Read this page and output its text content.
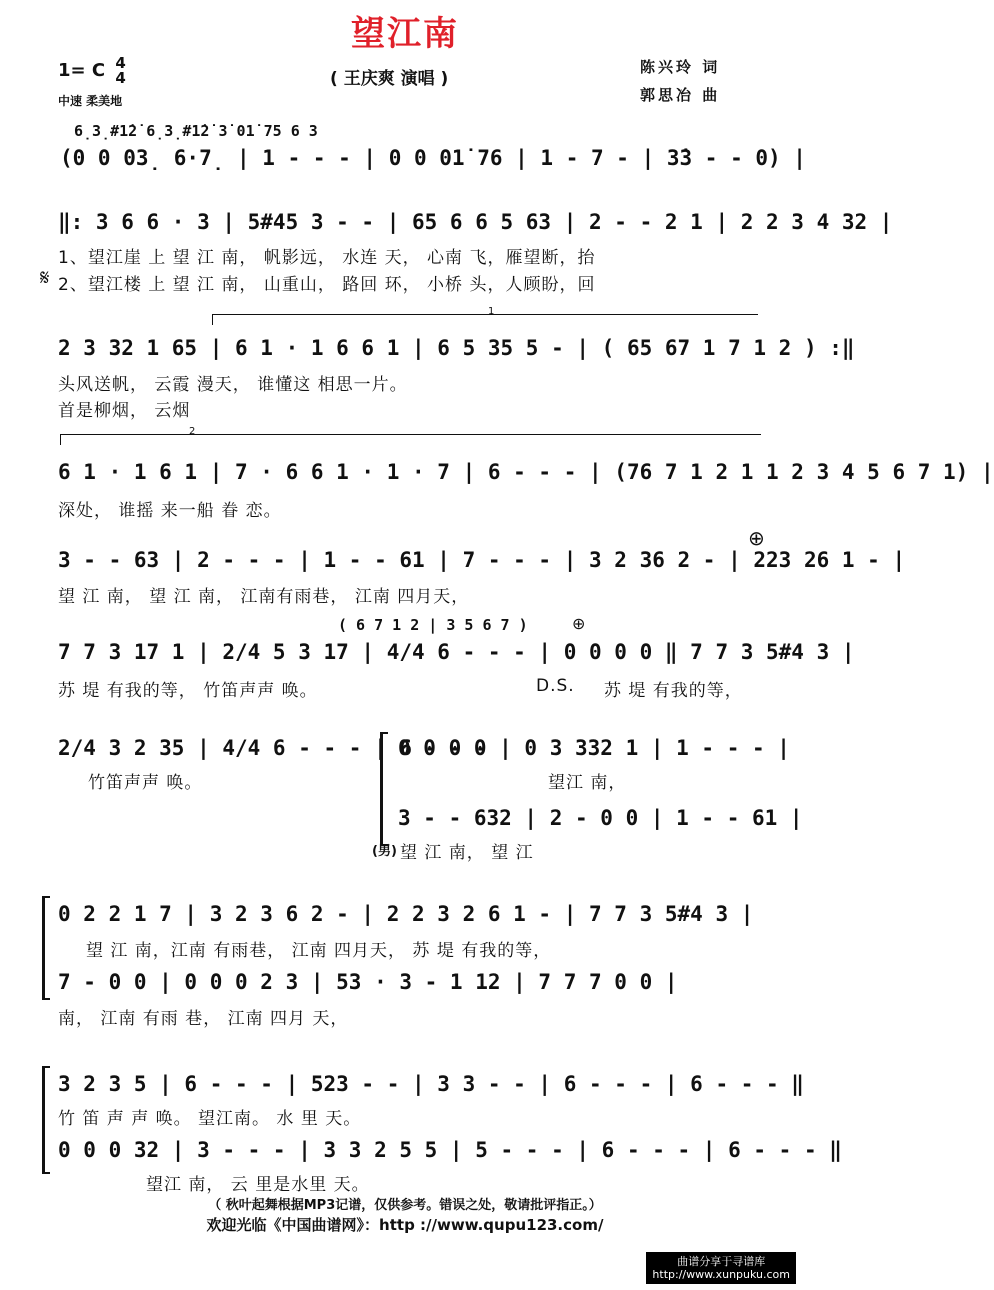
望江南
1= C 4
4
中速 柔美地
( 王庆爽 演唱 )
陈兴玲 词
郭思冶 曲
6̣3̣#1̇2̇ 6̣3̣#1̇2̇ 3̇ 01̇ 75 6 3
(0 0 03̣ 6·7̣ | 1 - - - | 0 0 01̇ 76 | 1 - 7 - | 3̇3 - - 0) |
‖: 3 6 6 · 3 | 5#45 3 - - | 65 6 6 5 63 | 2 - - 2 1 | 2 2 3 4 32 |
1、望江崖 上 望 江 南， 帆影远， 水连 天， 心南 飞，雁望断，抬
𝄋 2、望江楼 上 望 江 南， 山重山， 路回 环， 小桥 头，人顾盼，回
1
2 3 32 1 65 | 6 1 · 1 6 6 1 | 6 5 35 5 - | ( 65 67 1 7 1 2 ) :‖
头风送帆， 云霞 漫天， 谁懂这 相思一片。
首是柳烟， 云烟
2
6 1 · 1 6 1 | 7 · 6 6 1 · 1 · 7 | 6 - - - | (76 7 1 2 1 1 2 3 4 5 6 7 1) |
深处， 谁摇 来一船 眷 恋。
3 - - 63 | 2 - - - | 1 - - 61 | 7 - - - | 3 2 36 2 - | 223 26 1 - |
⊕
望 江 南， 望 江 南， 江南有雨巷， 江南 四月天，
( 6 7 1 2 | 3 5 6 7 )	⊕
7 7 3 17 1 | 2/4 5 3 17 | 4/4 6 - - - | 0 0 0 0 ‖ 7 7 3 5#4 3 |
苏 堤 有我的等， 竹笛声声 唤。	D.S. 苏 堤 有我的等，
2/4 3 2 35 | 4/4 6 - - - | 6 - - -
0 0 0 0 | 0 3 332 1 | 1 - - - |
竹笛声声 唤。	望江 南，
3 - - 632 | 2 - 0 0 | 1 - - 61 |
(男) 望 江 南， 望 江
0 2 2 1 7 | 3 2 3 6 2 - | 2 2 3 2 6 1 - | 7 7 3 5#4 3 |
望 江 南，江南 有雨巷， 江南 四月天， 苏 堤 有我的等，
7 - 0 0 | 0 0 0 2 3 | 53 · 3 - 1 12 | 7 7 7 0 0 |
南， 江南 有雨 巷， 江南 四月 天，
3 2 3 5 | 6 - - - | 523 - - | 3 3 - - | 6 - - - | 6 - - - ‖
竹 笛 声 声 唤。 望江南。 水 里 天。
0 0 0 32 | 3 - - - | 3 3 2 5 5 | 5 - - - | 6 - - - | 6 - - - ‖
望江 南， 云 里是水里 天。
（ 秋叶起舞根据MP3记谱，仅供参考。错误之处，敬请批评指正。）
欢迎光临《中国曲谱网》：http ://www.qupu123.com/
曲谱分享于寻谱库
http://www.xunpuku.com
